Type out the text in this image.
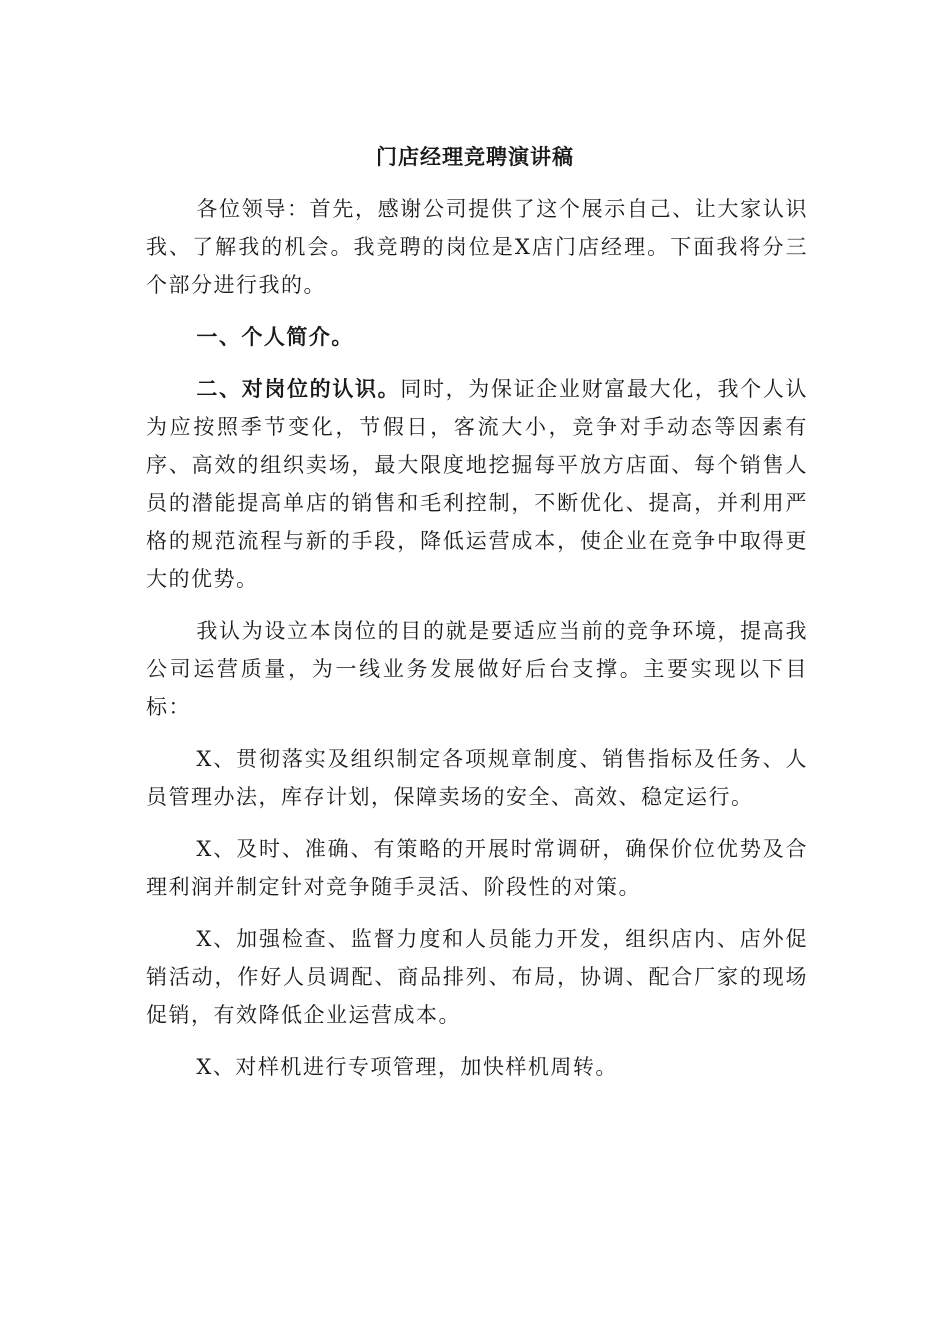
门店经理竞聘演讲稿

各位领导：首先，感谢公司提供了这个展示自己、让大家认识我、了解我的机会。我竞聘的岗位是X店门店经理。下面我将分三个部分进行我的。

一、个人简介。

二、对岗位的认识。同时，为保证企业财富最大化，我个人认为应按照季节变化，节假日，客流大小，竞争对手动态等因素有序、高效的组织卖场，最大限度地挖掘每平放方店面、每个销售人员的潜能提高单店的销售和毛利控制，不断优化、提高，并利用严格的规范流程与新的手段，降低运营成本，使企业在竞争中取得更大的优势。

我认为设立本岗位的目的就是要适应当前的竞争环境，提高我公司运营质量，为一线业务发展做好后台支撑。主要实现以下目标：

X、贯彻落实及组织制定各项规章制度、销售指标及任务、人员管理办法，库存计划，保障卖场的安全、高效、稳定运行。

X、及时、准确、有策略的开展时常调研，确保价位优势及合理利润并制定针对竞争随手灵活、阶段性的对策。

X、加强检查、监督力度和人员能力开发，组织店内、店外促销活动，作好人员调配、商品排列、布局，协调、配合厂家的现场促销，有效降低企业运营成本。

X、对样机进行专项管理，加快样机周转。
